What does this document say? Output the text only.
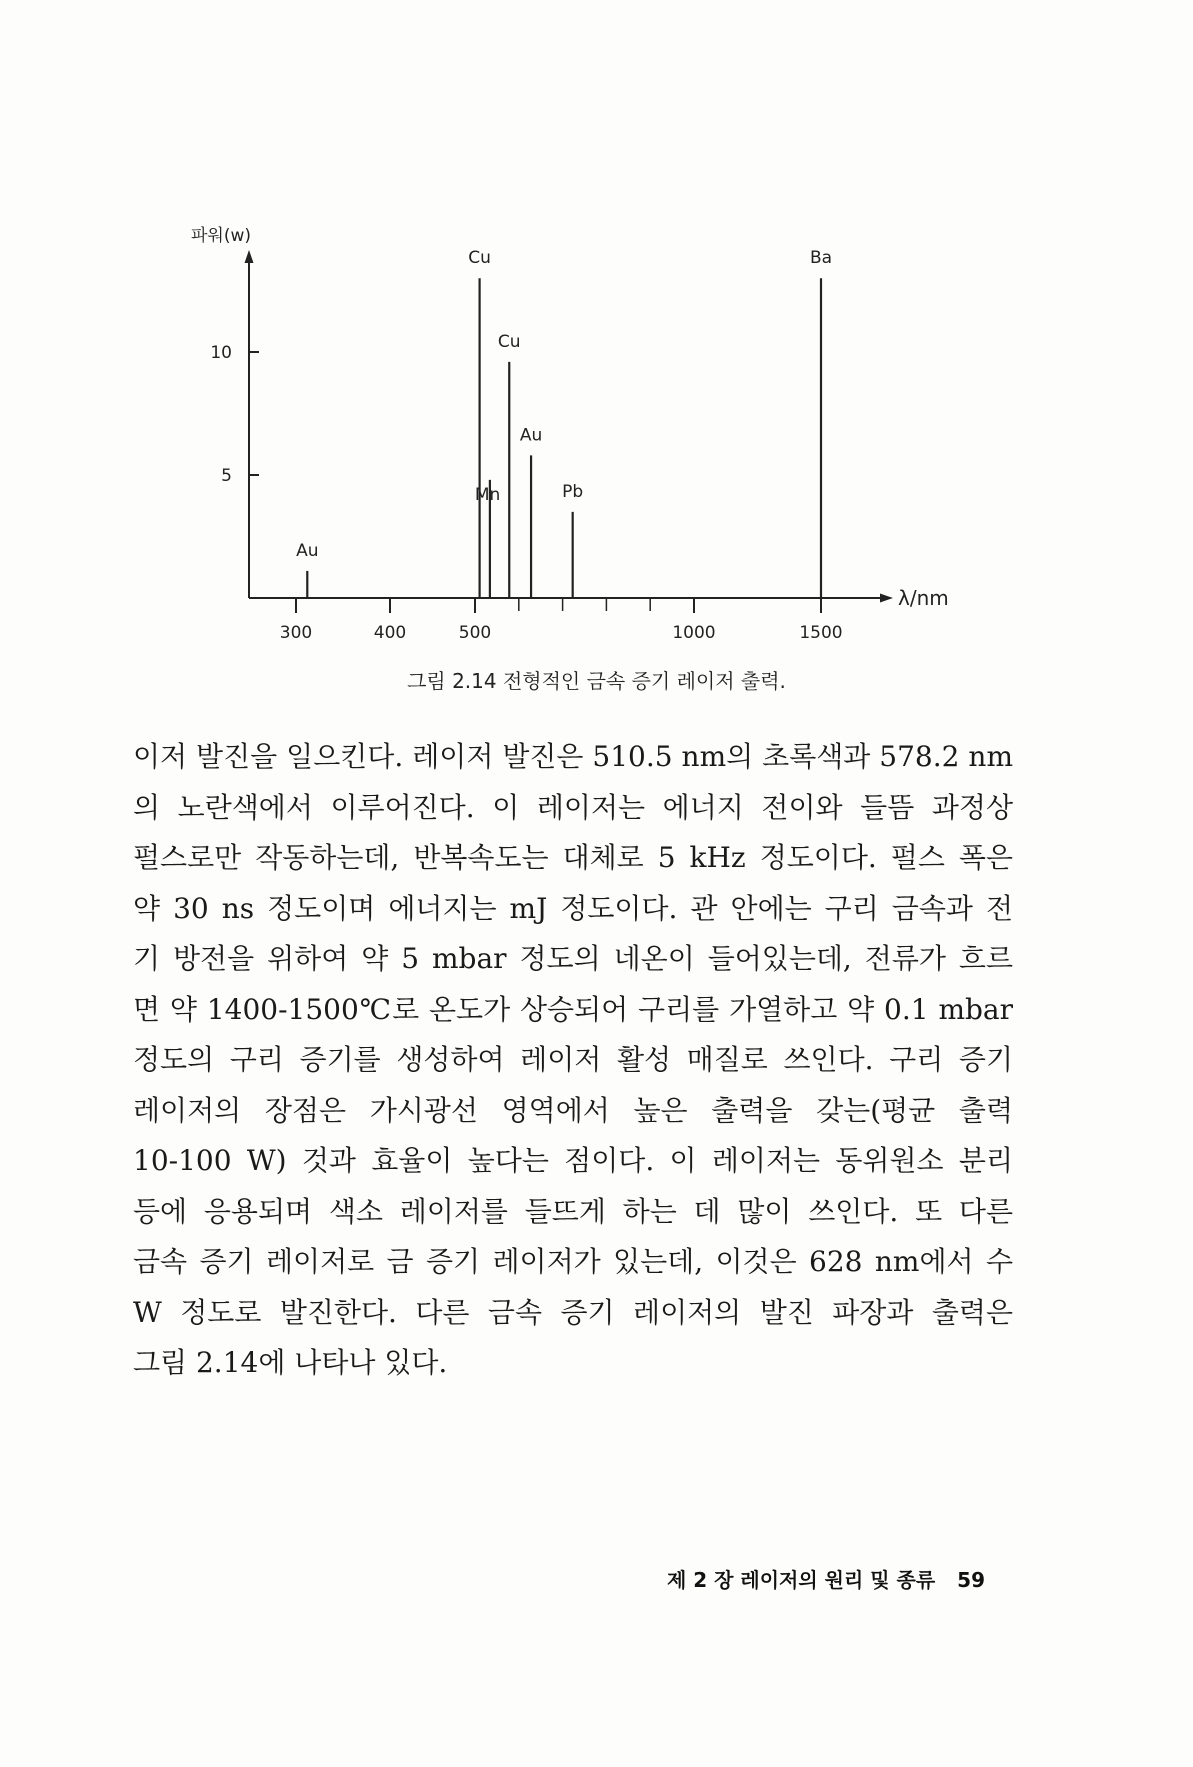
파워(w)
λ/nm
5
10
300	400	500	1000	1500
Au
Cu
Mn
Cu
Au
Pb
Ba
그림 2.14 전형적인 금속 증기 레이저 출력.
이저 발진을 일으킨다. 레이저 발진은 510.5 nm의 초록색과 578.2 nm
의 노란색에서 이루어진다. 이 레이저는 에너지 전이와 들뜸 과정상
펄스로만 작동하는데, 반복속도는 대체로 5 kHz 정도이다. 펄스 폭은
약 30 ns 정도이며 에너지는 mJ 정도이다. 관 안에는 구리 금속과 전
기 방전을 위하여 약 5 mbar 정도의 네온이 들어있는데, 전류가 흐르
면 약 1400-1500℃로 온도가 상승되어 구리를 가열하고 약 0.1 mbar
정도의 구리 증기를 생성하여 레이저 활성 매질로 쓰인다. 구리 증기
레이저의 장점은 가시광선 영역에서 높은 출력을 갖는(평균 출력
10-100 W) 것과 효율이 높다는 점이다. 이 레이저는 동위원소 분리
등에 응용되며 색소 레이저를 들뜨게 하는 데 많이 쓰인다. 또 다른
금속 증기 레이저로 금 증기 레이저가 있는데, 이것은 628 nm에서 수
W 정도로 발진한다. 다른 금속 증기 레이저의 발진 파장과 출력은
그림 2.14에 나타나 있다.
제 2 장 레이저의 원리 및 종류 59
